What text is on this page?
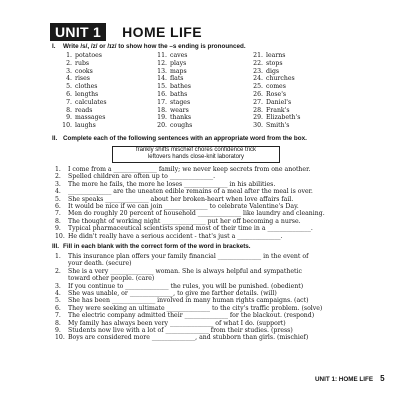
UNIT 1	HOME LIFE
I. Write /s/, /z/ or /ɪz/ to show how the –s ending is pronounced.
1. potatoes
2. rubs
3. cooks
4. rises
5. clothes
6. lengths
7. calculates
8. reads
9. massages
10. laughs
11. caves
12. plays
13. maps
14. flats
15. bathes
16. baths
17. stages
18. wears
19. thanks
20. coughs
21. learns
22. stops
23. digs
24. churches
25. comes
26. Rose's
27. Daniel's
28. Frank's
29. Elizabeth's
30. Smith's
II. Complete each of the following sentences with an appropriate word from the box.
frankly shifts mischief chores confidence trick
leftovers hands close-knit laboratory
1.	I come from a ______________ family; we never keep secrets from one another.
2.	Spelled children are often up to ______________.
3.	The more he fails, the more he loses ______________ in his abilities.
4.	______________ are the uneaten edible remains of a meal after the meal is over.
5.	She speaks ______________ about her broken-heart when love affairs fail.
6.	It would be nice if we can join ______________ to celebrate Valentine's Day.
7.	Men do roughly 20 percent of household ______________ like laundry and cleaning.
8.	The thought of working night ______________ put her off becoming a nurse.
9.	Typical pharmaceutical scientists spend most of their time in a ______________.
10. He didn't really have a serious accident - that's just a ______________.
III. Fill in each blank with the correct form of the word in brackets.
1.	This insurance plan offers your family financial ______________ in the event of
your death. (secure)
2.	She is a very ______________ woman. She is always helpful and sympathetic
toward other people. (care)
3.	If you continue to ______________ the rules, you will be punished. (obedient)
4.	She was unable, or ______________, to give me farther details. (will)
5.	She has been ______________ involved in many human rights campaigns. (act)
6.	They were seeking an ultimate ______________ to the city's traffic problem. (solve)
7.	The electric company admitted their ______________ for the blackout. (respond)
8.	My family has always been very ______________ of what I do. (support)
9.	Students now live with a lot of ______________ from their studies. (press)
10. Boys are considered more ______________, and stubborn than girls. (mischief)
UNIT 1: HOME LIFE 5
